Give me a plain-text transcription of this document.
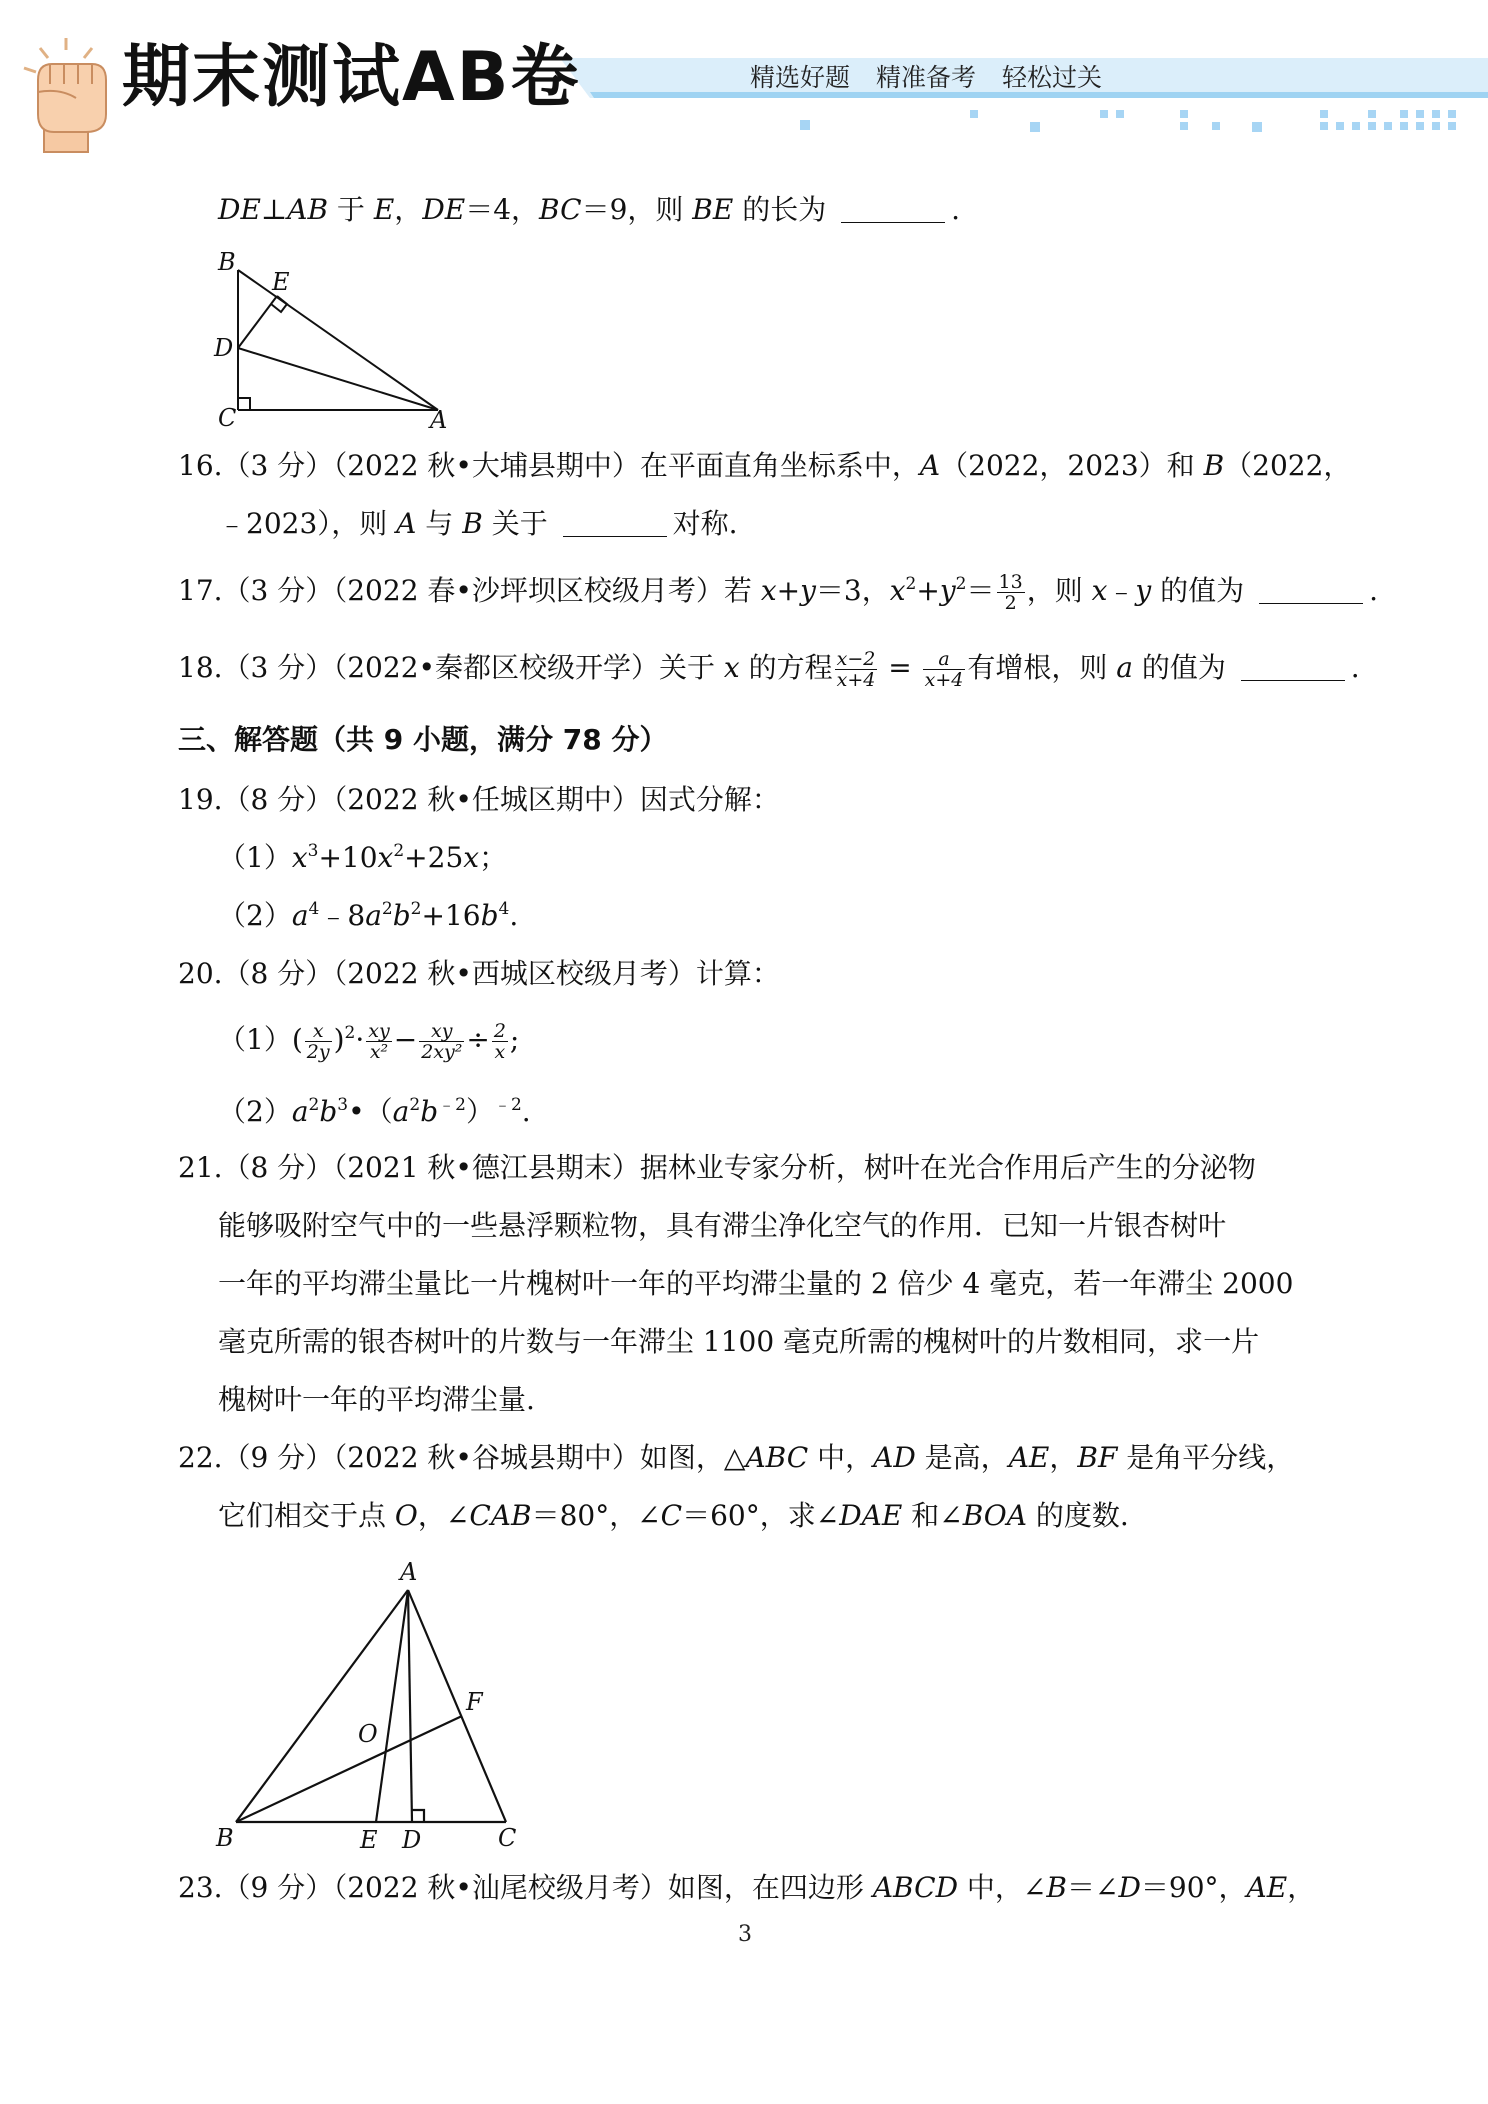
期末测试AB卷	精选好题 精准备考 轻松过关
DE⊥AB 于 E，DE＝4，BC＝9，则 BE 的长为	.
B
E
D
C	A
16.（3 分）（2022 秋•大埔县期中）在平面直角坐标系中，A（2022，2023）和 B（2022，
﹣2023），则 A 与 B 关于	对称.
17.（3 分）（2022 春•沙坪坝区校级月考）若 x+y＝3，$x^2+y^2= \frac{13}{2}$ ，则 x﹣y 的值为	.
18.（3 分）（2022•秦都区校级开学）关于 x 的方程 $\frac{x-2}{x+4} = \frac{a}{x+4}$ 有增根，则 a 的值为	.
三、解答题（共 9 小题，满分 78 分）
19.（8 分）（2022 秋•任城区期中）因式分解：
$(1)x^3+10x^2+25x$；
$(2)a^4﹣8a^2b^2+16b^4$.
20.（8 分）（2022 秋•西城区校级月考）计算：
$(1)( \frac{x}{2y} )^2\cdot \frac{xy}{\text{x²}} - \frac{xy}{\text{2xy²}} \div \frac{2}{x}$ ;
$(2)a^2b^3•(a^2b^{﹣2})^{﹣2}$.
21.（8 分）（2021 秋•德江县期末）据林业专家分析，树叶在光合作用后产生的分泌物
能够吸附空气中的一些悬浮颗粒物，具有滞尘净化空气的作用．已知一片银杏树叶
一年的平均滞尘量比一片槐树叶一年的平均滞尘量的 2 倍少 4 毫克，若一年滞尘 2000
毫克所需的银杏树叶的片数与一年滞尘 1100 毫克所需的槐树叶的片数相同，求一片
槐树叶一年的平均滞尘量.
22.（9 分）（2022 秋•谷城县期中）如图，△ABC 中，AD 是高，AE，BF 是角平分线，
它们相交于点 O，∠CAB＝80°，∠C＝60°，求∠DAE 和∠BOA 的度数.
A
F
O
B	E D	C
23.（9 分）（2022 秋•汕尾校级月考）如图，在四边形 ABCD 中，∠B＝∠D＝90°，AE，
3
